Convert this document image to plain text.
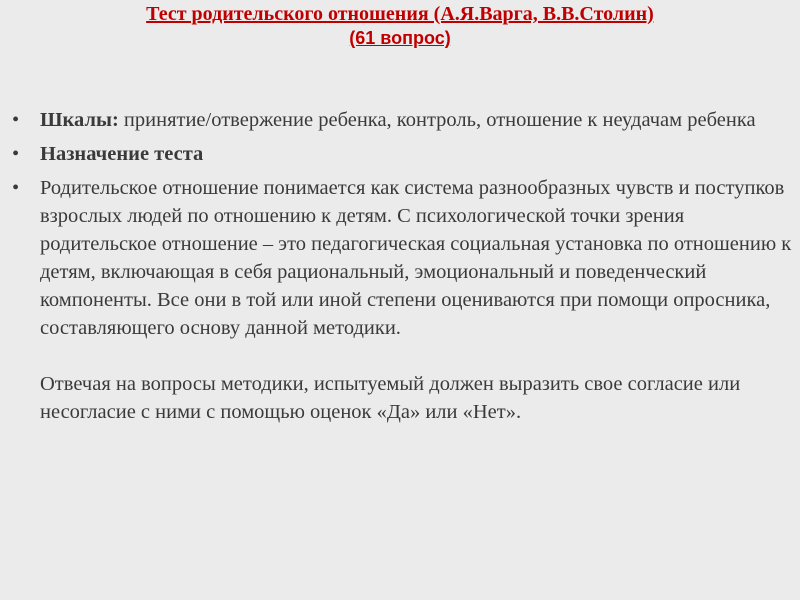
Тест родительского отношения (А.Я.Варга, В.В.Столин)
(61 вопрос)
•	Шкалы: принятие/отвержение ребенка, контроль, отношение к неудачам ребенка
•	Назначение теста
•	Родительское отношение понимается как система разнообразных чувств и поступков взрослых людей по отношению к детям. С психологической точки зрения родительское отношение – это педагогическая социальная установка по отношению к детям, включающая в себя рациональный, эмоциональный и поведенческий компоненты. Все они в той или иной степени оцениваются при помощи опросника, составляющего основу данной методики.
Отвечая на вопросы методики, испытуемый должен выразить свое согласие или несогласие с ними с помощью оценок «Да» или «Нет».
